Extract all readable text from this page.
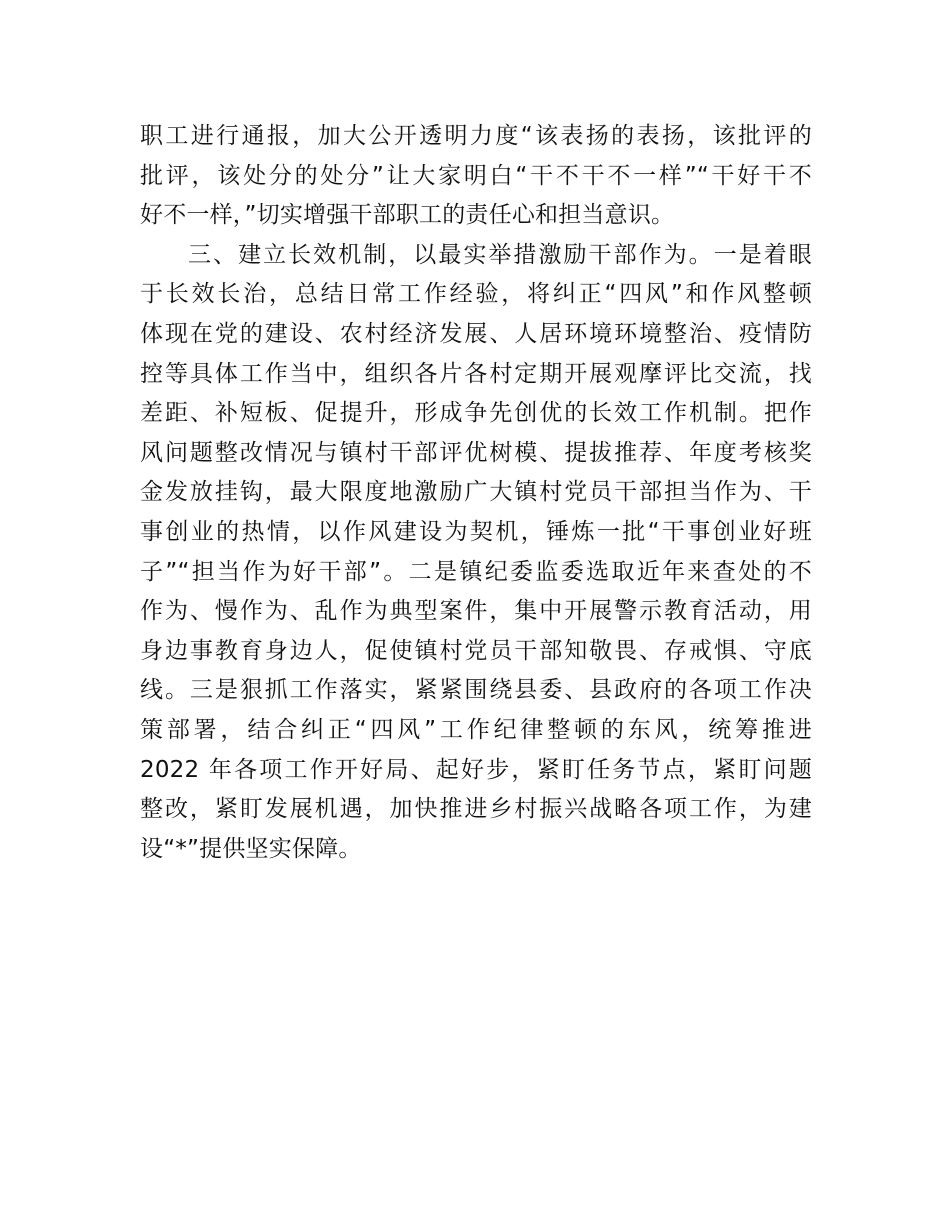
职工进行通报，加大公开透明力度“该表扬的表扬，该批评的
批评，该处分的处分”让大家明白“干不干不一样”“干好干不
好不一样，”切实增强干部职工的责任心和担当意识。
三、建立长效机制，以最实举措激励干部作为。一是着眼
于长效长治，总结日常工作经验，将纠正“四风”和作风整顿
体现在党的建设、农村经济发展、人居环境环境整治、疫情防
控等具体工作当中，组织各片各村定期开展观摩评比交流，找
差距、补短板、促提升，形成争先创优的长效工作机制。把作
风问题整改情况与镇村干部评优树模、提拔推荐、年度考核奖
金发放挂钩，最大限度地激励广大镇村党员干部担当作为、干
事创业的热情，以作风建设为契机，锤炼一批“干事创业好班
子”“担当作为好干部”。二是镇纪委监委选取近年来查处的不
作为、慢作为、乱作为典型案件，集中开展警示教育活动，用
身边事教育身边人，促使镇村党员干部知敬畏、存戒惧、守底
线。三是狠抓工作落实，紧紧围绕县委、县政府的各项工作决
策部署，结合纠正“四风”工作纪律整顿的东风，统筹推进
2022 年各项工作开好局、起好步，紧盯任务节点，紧盯问题
整改，紧盯发展机遇，加快推进乡村振兴战略各项工作，为建
设“*”提供坚实保障。
